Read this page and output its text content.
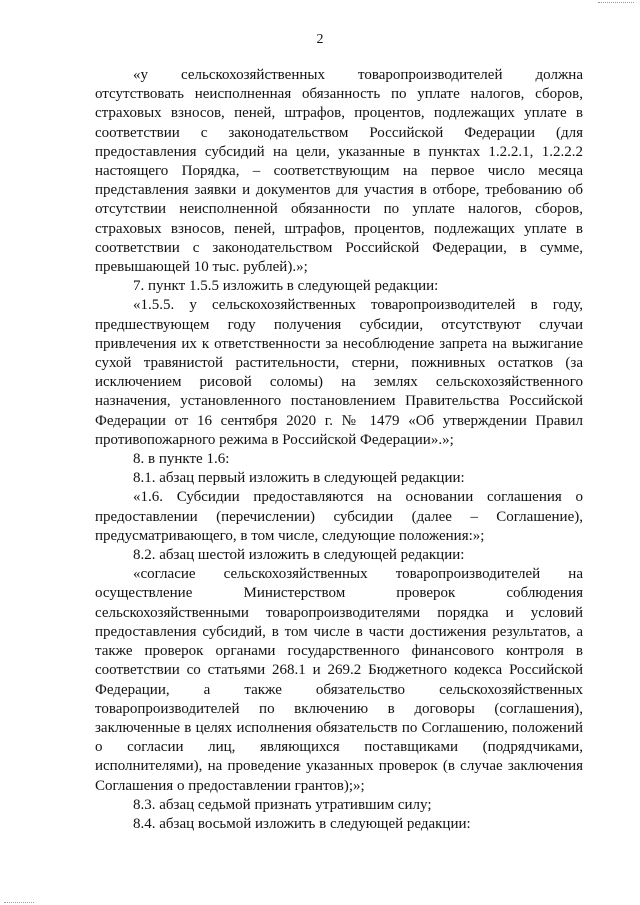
2

«у сельскохозяйственных товаропроизводителей должна отсутствовать неисполненная обязанность по уплате налогов, сборов, страховых взносов, пеней, штрафов, процентов, подлежащих уплате в соответствии с законодательством Российской Федерации (для предоставления субсидий на цели, указанные в пунктах 1.2.2.1, 1.2.2.2 настоящего Порядка, – соответствующим на первое число месяца представления заявки и документов для участия в отборе, требованию об отсутствии неисполненной обязанности по уплате налогов, сборов, страховых взносов, пеней, штрафов, процентов, подлежащих уплате в соответствии с законодательством Российской Федерации, в сумме, превышающей 10 тыс. рублей).»;

7. пункт 1.5.5 изложить в следующей редакции:

«1.5.5. у сельскохозяйственных товаропроизводителей в году, предшествующем году получения субсидии, отсутствуют случаи привлечения их к ответственности за несоблюдение запрета на выжигание сухой травянистой растительности, стерни, пожнивных остатков (за исключением рисовой соломы) на землях сельскохозяйственного назначения, установленного постановлением Правительства Российской Федерации от 16 сентября 2020 г. № 1479 «Об утверждении Правил противопожарного режима в Российской Федерации».»;

8. в пункте 1.6:

8.1. абзац первый изложить в следующей редакции:

«1.6. Субсидии предоставляются на основании соглашения о предоставлении (перечислении) субсидии (далее – Соглашение), предусматривающего, в том числе, следующие положения:»;

8.2. абзац шестой изложить в следующей редакции:

«согласие сельскохозяйственных товаропроизводителей на осуществление Министерством проверок соблюдения сельскохозяйственными товаропроизводителями порядка и условий предоставления субсидий, в том числе в части достижения результатов, а также проверок органами государственного финансового контроля в соответствии со статьями 268.1 и 269.2 Бюджетного кодекса Российской Федерации, а также обязательство сельскохозяйственных товаропроизводителей по включению в договоры (соглашения), заключенные в целях исполнения обязательств по Соглашению, положений о согласии лиц, являющихся поставщиками (подрядчиками, исполнителями), на проведение указанных проверок (в случае заключения Соглашения о предоставлении грантов);»;

8.3. абзац седьмой признать утратившим силу;

8.4. абзац восьмой изложить в следующей редакции:
